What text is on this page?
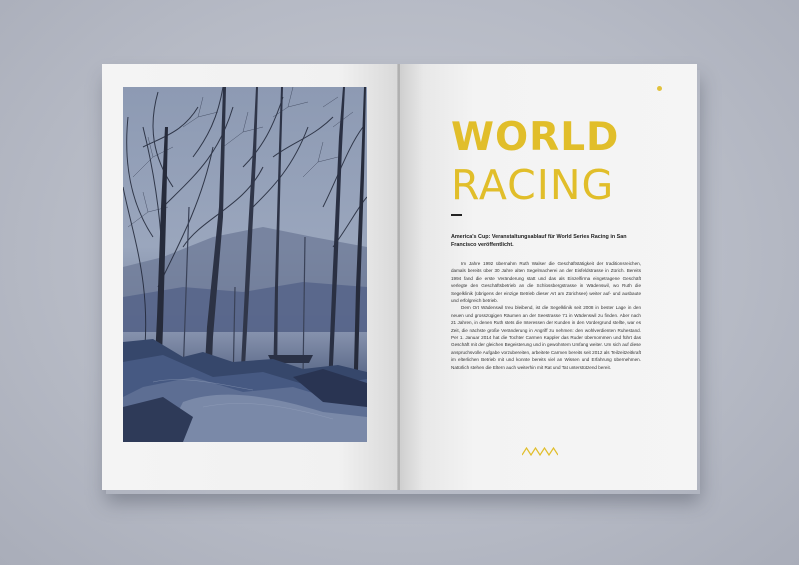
WORLD
RACING
America's Cup: Veranstaltungsablauf für World Series Racing in San Francisco veröffentlicht.

Im Jahre 1992 übernahm Ruth Walser die Geschäftstätigkeit der traditionsreichen, damals bereits über 30 Jahre alten Segelmacherei an der Eisfeldstrasse in Zürich. Bereits 1994 fand die erste Veränderung statt und das als Einzelfirma eingetragene Geschäft verlegte den Geschäftsbetrieb an die Schlossbergstrasse in Wädenswil, wo Ruth die Segelklinik (übrigens der einzige Betrieb dieser Art am Zürichsee) weiter auf- und ausbaute und erfolgreich betrieb.

Dem Ort Wädenswil treu bleibend, ist die Segelklinik seit 2008 in bester Lage in den neuen und grosszügigen Räumen an der Seestrasse 71 in Wädenswil zu finden. Aber nach 21 Jahren, in denen Ruth stets die Interessen der Kunden in den Vordergrund stellte, war es Zeit, die nächste große Veränderung in Angriff zu nehmen: den wohlverdienten Ruhestand. Per 1. Januar 2014 hat die Tochter Carmen Kappler das Ruder übernommen und führt das Geschäft mit der gleichen Begeisterung und in gewohntem Umfang weiter. Um sich auf diese anspruchsvolle Aufgabe vorzubereiten, arbeitete Carmen bereits seit 2012 als Teilzeitzeitkraft im elterlichen Betrieb mit und konnte bereits viel an Wissen und Erfahrung übernehmen. Natürlich stehen die Eltern auch weiterhin mit Rat und Tat unterstützend bereit.
